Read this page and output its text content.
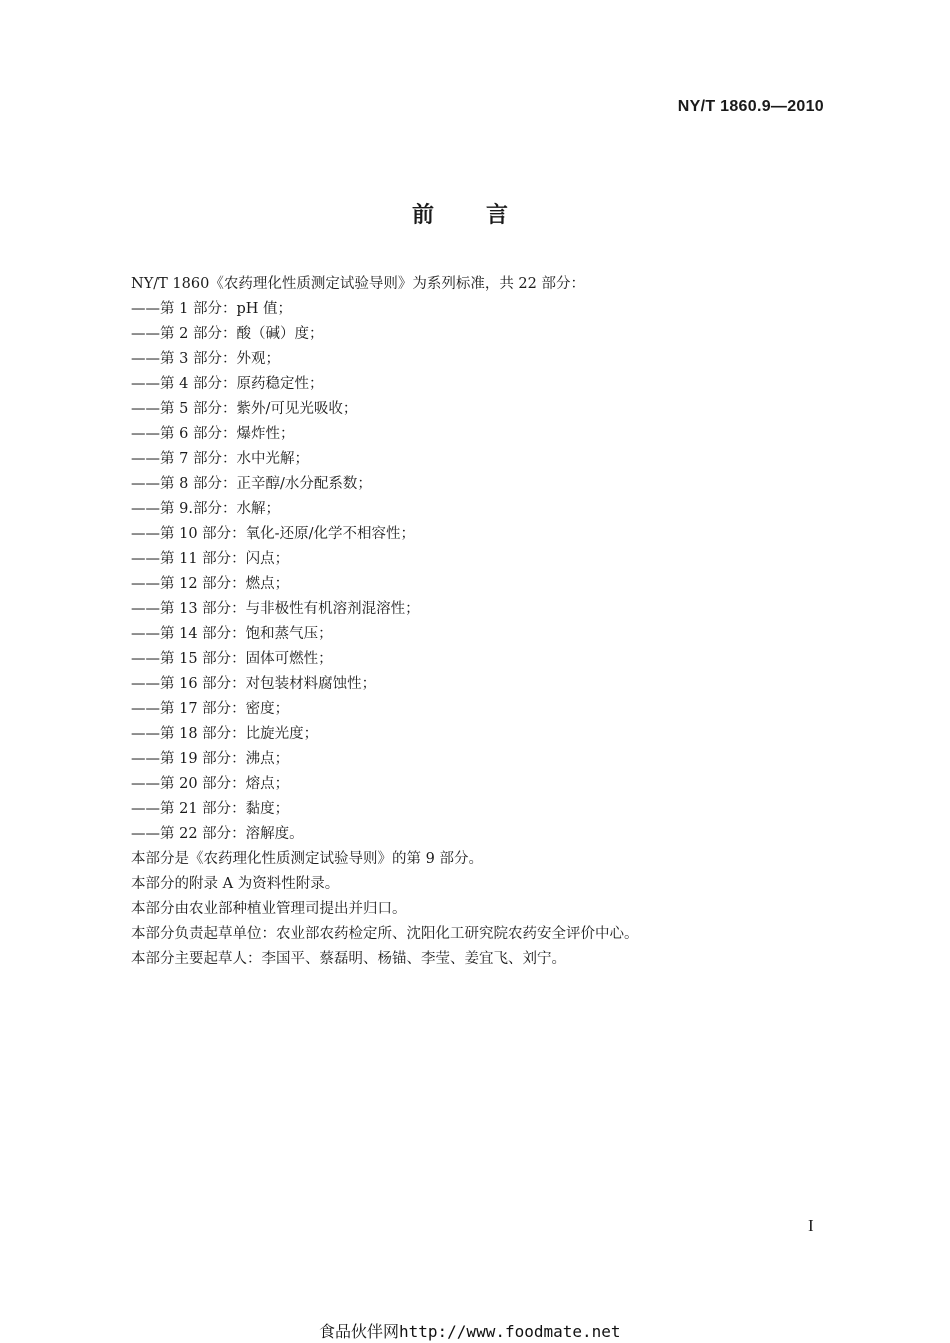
NY/T 1860.9—2010
前言
NY/T 1860《农药理化性质测定试验导则》为系列标准，共 22 部分：
——第 1 部分：pH 值；
——第 2 部分：酸（碱）度；
——第 3 部分：外观；
——第 4 部分：原药稳定性；
——第 5 部分：紫外/可见光吸收；
——第 6 部分：爆炸性；
——第 7 部分：水中光解；
——第 8 部分：正辛醇/水分配系数；
——第 9.部分：水解；
——第 10 部分：氧化-还原/化学不相容性；
——第 11 部分：闪点；
——第 12 部分：燃点；
——第 13 部分：与非极性有机溶剂混溶性；
——第 14 部分：饱和蒸气压；
——第 15 部分：固体可燃性；
——第 16 部分：对包装材料腐蚀性；
——第 17 部分：密度；
——第 18 部分：比旋光度；
——第 19 部分：沸点；
——第 20 部分：熔点；
——第 21 部分：黏度；
——第 22 部分：溶解度。
本部分是《农药理化性质测定试验导则》的第 9 部分。
本部分的附录 A 为资料性附录。
本部分由农业部种植业管理司提出并归口。
本部分负责起草单位：农业部农药检定所、沈阳化工研究院农药安全评价中心。
本部分主要起草人：李国平、蔡磊明、杨锚、李莹、姜宜飞、刘宁。
I
食品伙伴网http://www.foodmate.net
